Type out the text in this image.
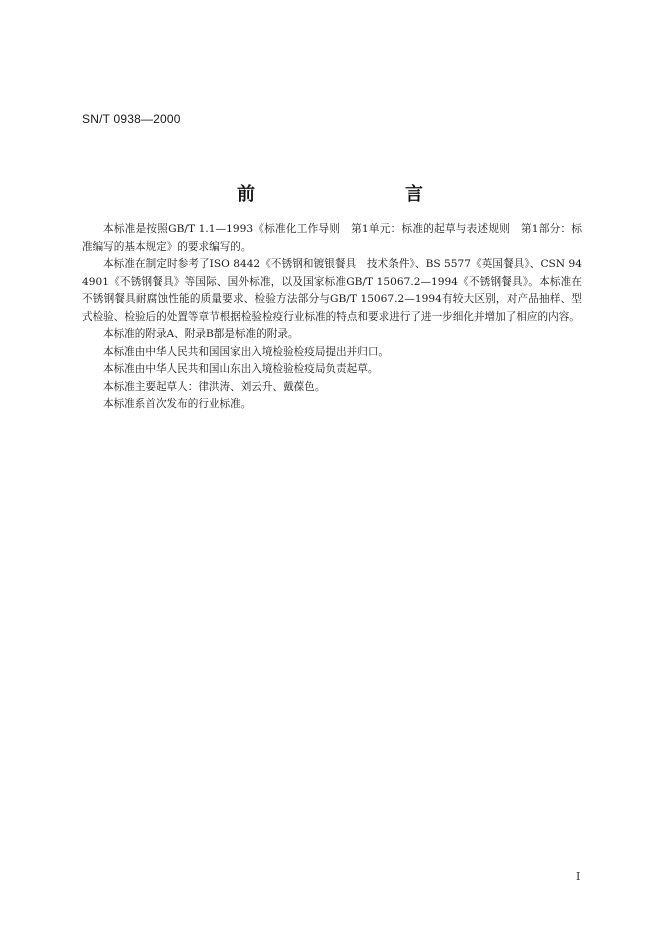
SN/T 0938—2000
前　　言

本标准是按照GB/T 1.1—1993《标准化工作导则　第1单元：标准的起草与表述规则　第1部分：标准编写的基本规定》的要求编写的。

本标准在制定时参考了ISO 8442《不锈钢和镀银餐具　技术条件》、BS 5577《英国餐具》、CSN 94 4901《不锈钢餐具》等国际、国外标准，以及国家标准GB/T 15067.2—1994《不锈钢餐具》。本标准在不锈钢餐具耐腐蚀性能的质量要求、检验方法部分与GB/T 15067.2—1994有较大区别，对产品抽样、型式检验、检验后的处置等章节根据检验检疫行业标准的特点和要求进行了进一步细化并增加了相应的内容。

本标准的附录A、附录B都是标准的附录。

本标准由中华人民共和国国家出入境检验检疫局提出并归口。

本标准由中华人民共和国山东出入境检验检疫局负责起草。

本标准主要起草人：律洪涛、刘云升、戴葆色。

本标准系首次发布的行业标准。

I
